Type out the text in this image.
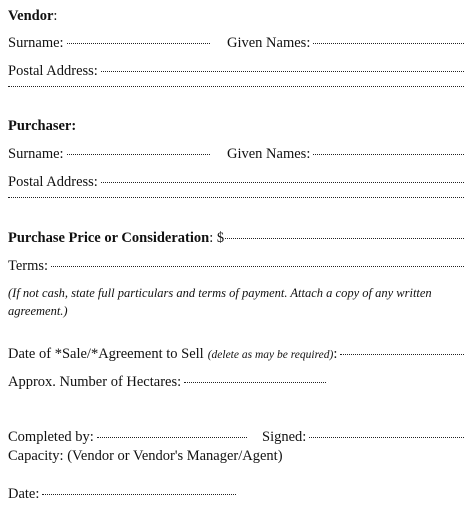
Vendor :
Surname:	Given Names:
Postal Address:
Purchaser:
Surname:	Given Names:
Postal Address:
Purchase Price or Consideration : $
Terms:
(If not cash, state full particulars and terms of payment. Attach a copy of any written agreement.)
Date of *Sale/*Agreement to Sell (delete as may be required) :
Approx. Number of Hectares:
Completed by:	Signed:
Capacity: (Vendor or Vendor's Manager/Agent)
Date:
